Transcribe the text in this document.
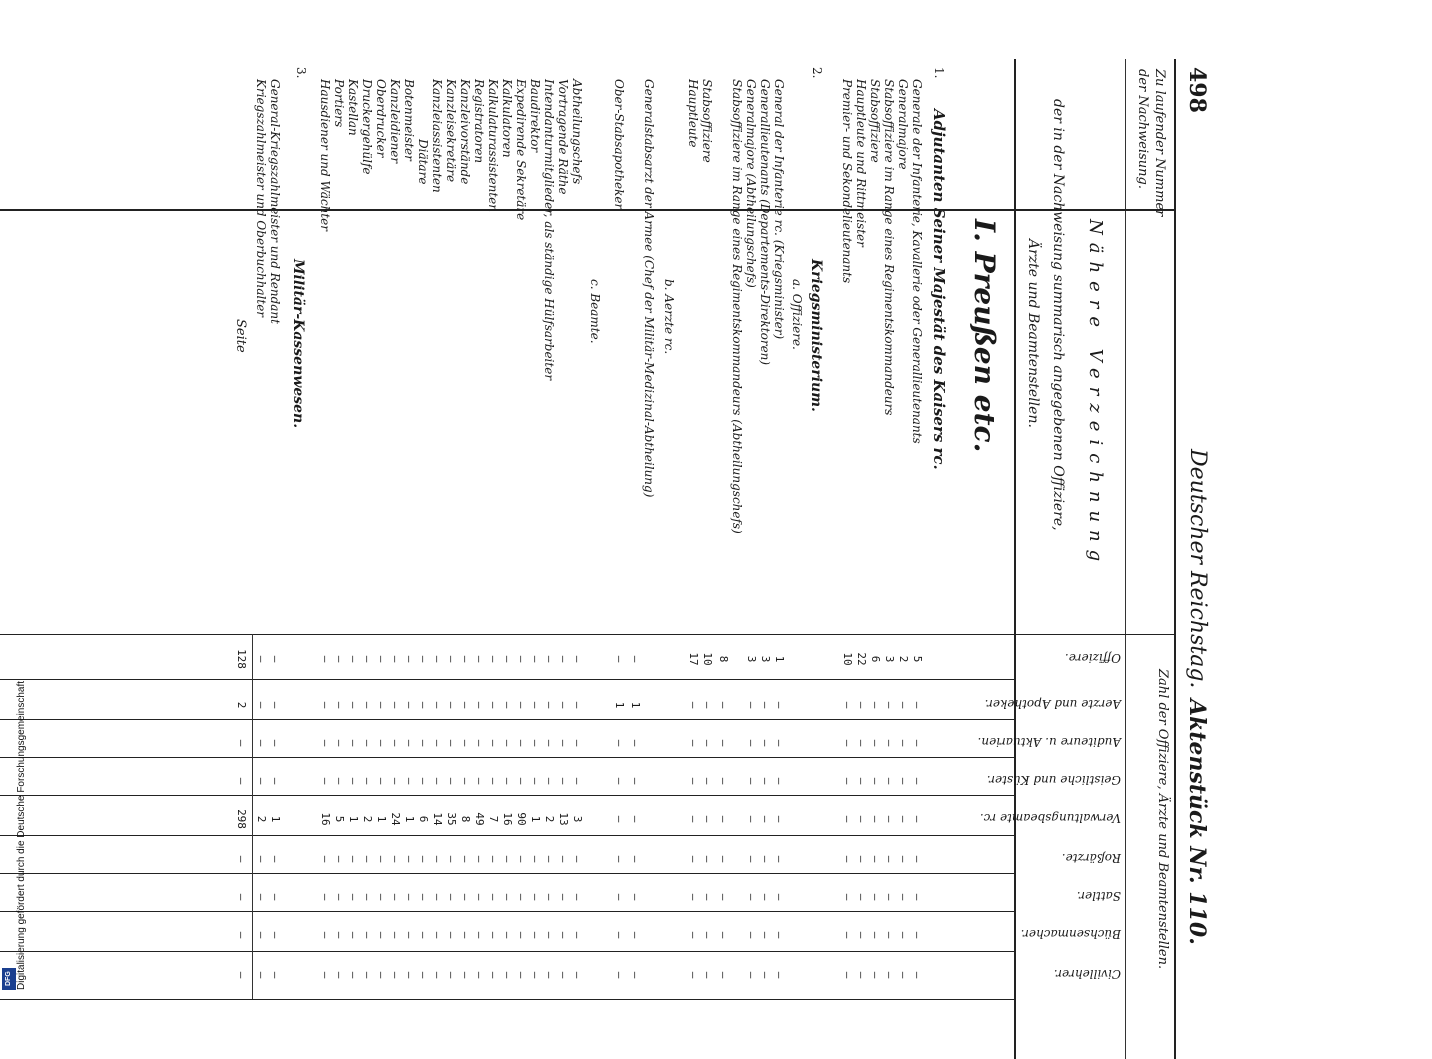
498
Deutscher Reichstag.
Aktenstück Nr. 110.
Zu laufender Nummer der Nachweisung.
Nähere Verzeichnung
der in der Nachweisung summarisch angegebenen Offiziere,
Ärzte und Beamtenstellen.
I. Preußen etc.
1.
Adjutanten Seiner Majestät des Kaisers rc.
Generale der Infanterie, Kavallerie oder Generallieutenants
Generalmajore
Stabsoffiziere im Range eines Regimentskommandeurs
Stabsoffiziere
Hauptleute und Rittmeister
Premier- und Sekondelieutenants
2.
Kriegsministerium.
a. Offiziere.
General der Infanterie rc. (Kriegsminister)
Generallieutenants (Departements-Direktoren)
Generalmajore (Abtheilungschefs)
Stabsoffiziere im Range eines Regimentskommandeurs (Abtheilungschefs)
Stabsoffiziere
Hauptleute
b. Aerzte rc.
Generalstabsarzt der Armee (Chef der Militär-Medizinal-Abtheilung)
Ober-Stabsapotheker
c. Beamte.
Abtheilungschefs
Vortragende Räthe
Intendanturmitglieder, als ständige Hülfsarbeiter
Baudirektor
Expedirende Sekretäre
Kalkulatoren
Kalkulaturassistenten
Registratoren
Kanzleivorstände
Kanzleisekretäre
Kanzleiassistenten
Diätare
Botenmeister
Kanzleidiener
Oberdrucker
Druckergehülfe
Kastellan
Portiers
Hausdiener und Wächter
3.
Militär-Kassenwesen.
General-Kriegszahlmeister und Rendant
Kriegszahlmeister und Oberbuchhalter
Seite
Zahl der Offiziere, Ärzte und Beamtenstellen.
Offiziere.
Aerzte und Apotheker.
Auditeure u. Aktuarien.
Geistliche und Küster.
Verwaltungsbeamte rc.
Roßärzte.
Sattler.
Büchsenmacher.
Civillehrer.
5
—
—
—
—
—
—
—
—
2
—
—
—
—
—
—
—
—
3
—
—
—
—
—
—
—
—
6
—
—
—
—
—
—
—
—
22
—
—
—
—
—
—
—
—
10
—
—
—
—
—
—
—
—
1
—
—
—
—
—
—
—
—
3
—
—
—
—
—
—
—
—
3
—
—
—
—
—
—
—
—
8
—
—
—
—
—
—
—
—
10
—
—
—
—
—
—
—
—
17
—
—
—
—
—
—
—
—
—
1
—
—
—
—
—
—
—
—
1
—
—
—
—
—
—
—
—
—
—
—
3
—
—
—
—
—
—
—
—
13
—
—
—
—
—
—
—
—
2
—
—
—
—
—
—
—
—
1
—
—
—
—
—
—
—
—
90
—
—
—
—
—
—
—
—
16
—
—
—
—
—
—
—
—
7
—
—
—
—
—
—
—
—
49
—
—
—
—
—
—
—
—
8
—
—
—
—
—
—
—
—
35
—
—
—
—
—
—
—
—
14
—
—
—
—
—
—
—
—
6
—
—
—
—
—
—
—
—
1
—
—
—
—
—
—
—
—
24
—
—
—
—
—
—
—
—
1
—
—
—
—
—
—
—
—
2
—
—
—
—
—
—
—
—
1
—
—
—
—
—
—
—
—
5
—
—
—
—
—
—
—
—
16
—
—
—
—
—
—
—
—
1
—
—
—
—
—
—
—
—
2
—
—
—
—
128
2
—
—
298
—
—
—
—
Digitalisierung gefördert durch die Deutsche Forschungsgemeinschaft
DFG
